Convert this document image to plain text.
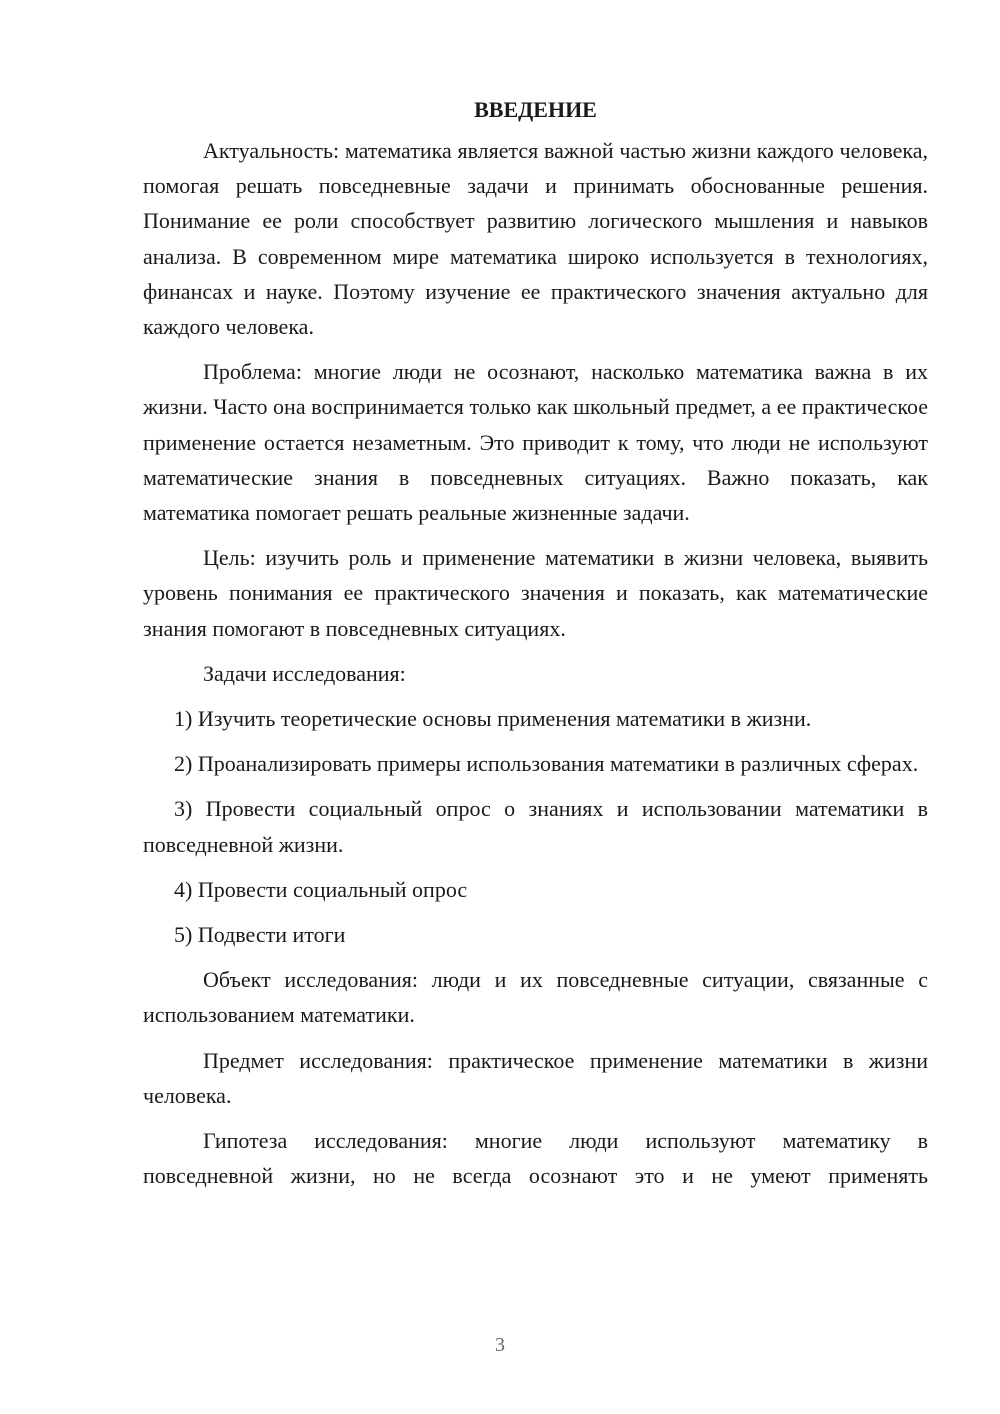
ВВЕДЕНИЕ

Актуальность: математика является важной частью жизни каждого человека, помогая решать повседневные задачи и принимать обоснованные решения. Понимание ее роли способствует развитию логического мышления и навыков анализа. В современном мире математика широко используется в технологиях, финансах и науке. Поэтому изучение ее практического значения актуально для каждого человека.

Проблема: многие люди не осознают, насколько математика важна в их жизни. Часто она воспринимается только как школьный предмет, а ее практическое применение остается незаметным. Это приводит к тому, что люди не используют математические знания в повседневных ситуациях. Важно показать, как математика помогает решать реальные жизненные задачи.

Цель: изучить роль и применение математики в жизни человека, выявить уровень понимания ее практического значения и показать, как математические знания помогают в повседневных ситуациях.

Задачи исследования:

1) Изучить теоретические основы применения математики в жизни.

2) Проанализировать примеры использования математики в различных сферах.

3) Провести социальный опрос о знаниях и использовании математики в повседневной жизни.

4) Провести социальный опрос

5) Подвести итоги

Объект исследования: люди и их повседневные ситуации, связанные с использованием математики.

Предмет исследования: практическое применение математики в жизни человека.

Гипотеза исследования: многие люди используют математику в повседневной жизни, но не всегда осознают это и не умеют применять

3
